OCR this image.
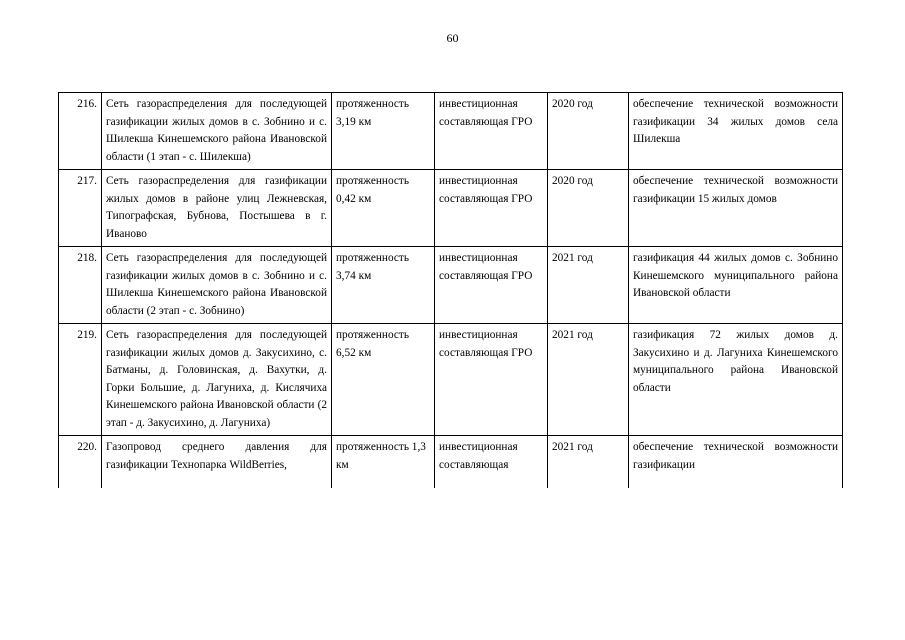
60
216.	Сеть газораспределения для последующей газификации жилых домов в с. Зобнино и с. Шилекша Кинешемского района Ивановской области (1 этап - с. Шилекша)	протяженность 3,19 км	инвестиционная составляющая ГРО	2020 год	обеспечение технической возможности газификации 34 жилых домов села Шилекша
217.	Сеть газораспределения для газификации жилых домов в районе улиц Лежневская, Типографская, Бубнова, Постышева в г. Иваново	протяженность 0,42 км	инвестиционная составляющая ГРО	2020 год	обеспечение технической возможности газификации 15 жилых домов
218.	Сеть газораспределения для последующей газификации жилых домов в с. Зобнино и с. Шилекша Кинешемского района Ивановской области (2 этап - с. Зобнино)	протяженность 3,74 км	инвестиционная составляющая ГРО	2021 год	газификация 44 жилых домов с. Зобнино Кинешемского муниципального района Ивановской области
219.	Сеть газораспределения для последующей газификации жилых домов д. Закусихино, с. Батманы, д. Головинская, д. Вахутки, д. Горки Большие, д. Лагуниха, д. Кислячиха Кинешемского района Ивановской области (2 этап - д. Закусихино, д. Лагуниха)	протяженность 6,52 км	инвестиционная составляющая ГРО	2021 год	газификация 72 жилых домов д. Закусихино и д. Лагуниха Кинешемского муниципального района Ивановской области
220.	Газопровод среднего давления для газификации Технопарка WildBerries,	протяженность 1,3 км	инвестиционная составляющая	2021 год	обеспечение технической возможности газификации
